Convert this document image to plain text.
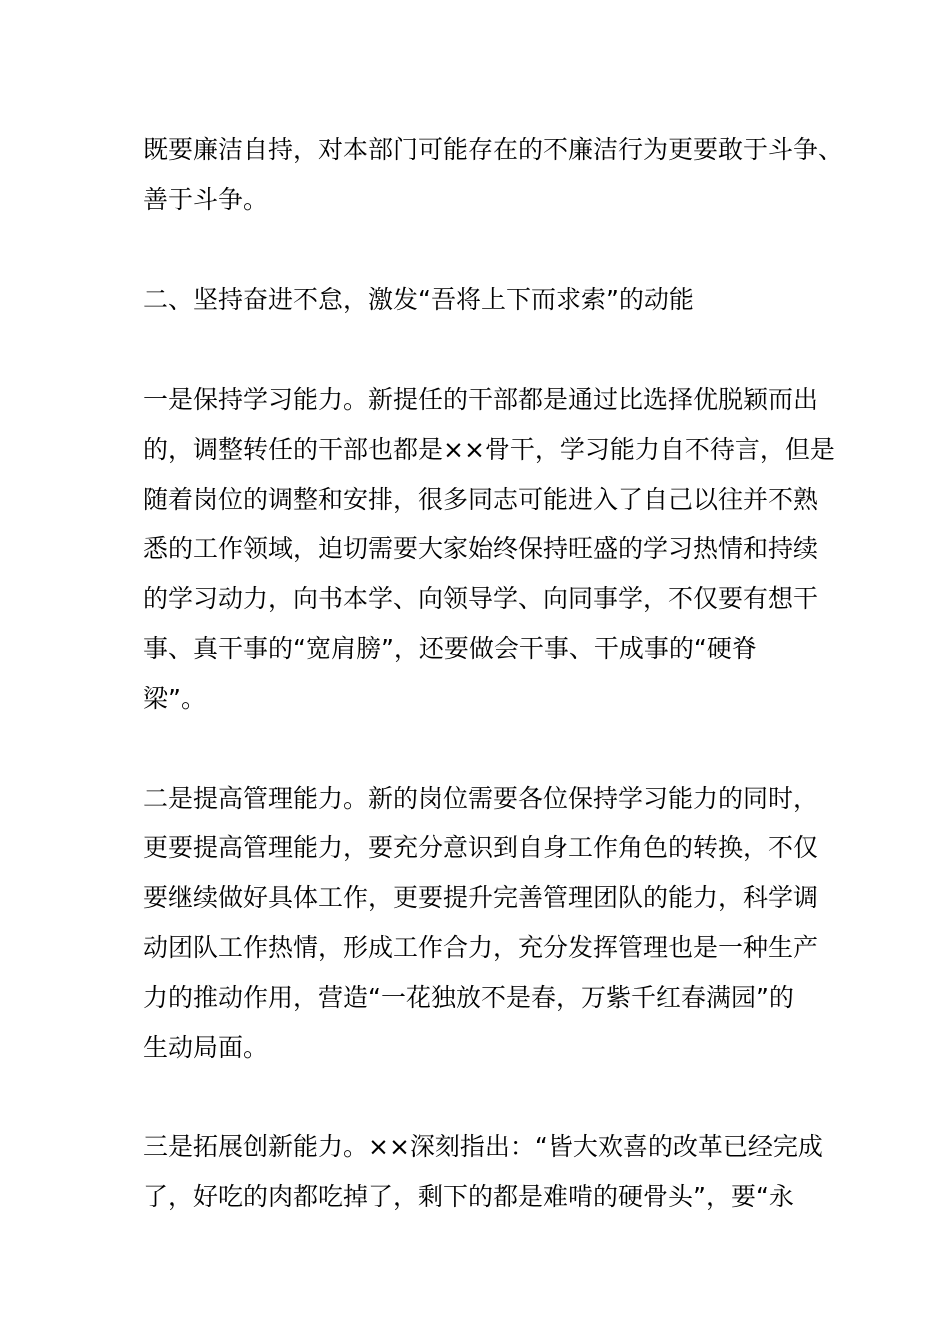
既要廉洁自持，对本部门可能存在的不廉洁行为更要敢于斗争、
善于斗争。
二、坚持奋进不怠，激发“吾将上下而求索”的动能
一是保持学习能力。新提任的干部都是通过比选择优脱颖而出
的，调整转任的干部也都是××骨干，学习能力自不待言，但是
随着岗位的调整和安排，很多同志可能进入了自己以往并不熟
悉的工作领域，迫切需要大家始终保持旺盛的学习热情和持续
的学习动力，向书本学、向领导学、向同事学，不仅要有想干
事、真干事的“宽肩膀”，还要做会干事、干成事的“硬脊
梁”。
二是提高管理能力。新的岗位需要各位保持学习能力的同时，
更要提高管理能力，要充分意识到自身工作角色的转换，不仅
要继续做好具体工作，更要提升完善管理团队的能力，科学调
动团队工作热情，形成工作合力，充分发挥管理也是一种生产
力的推动作用，营造“一花独放不是春，万紫千红春满园”的
生动局面。
三是拓展创新能力。××深刻指出：“皆大欢喜的改革已经完成
了，好吃的肉都吃掉了，剩下的都是难啃的硬骨头”，要“永
